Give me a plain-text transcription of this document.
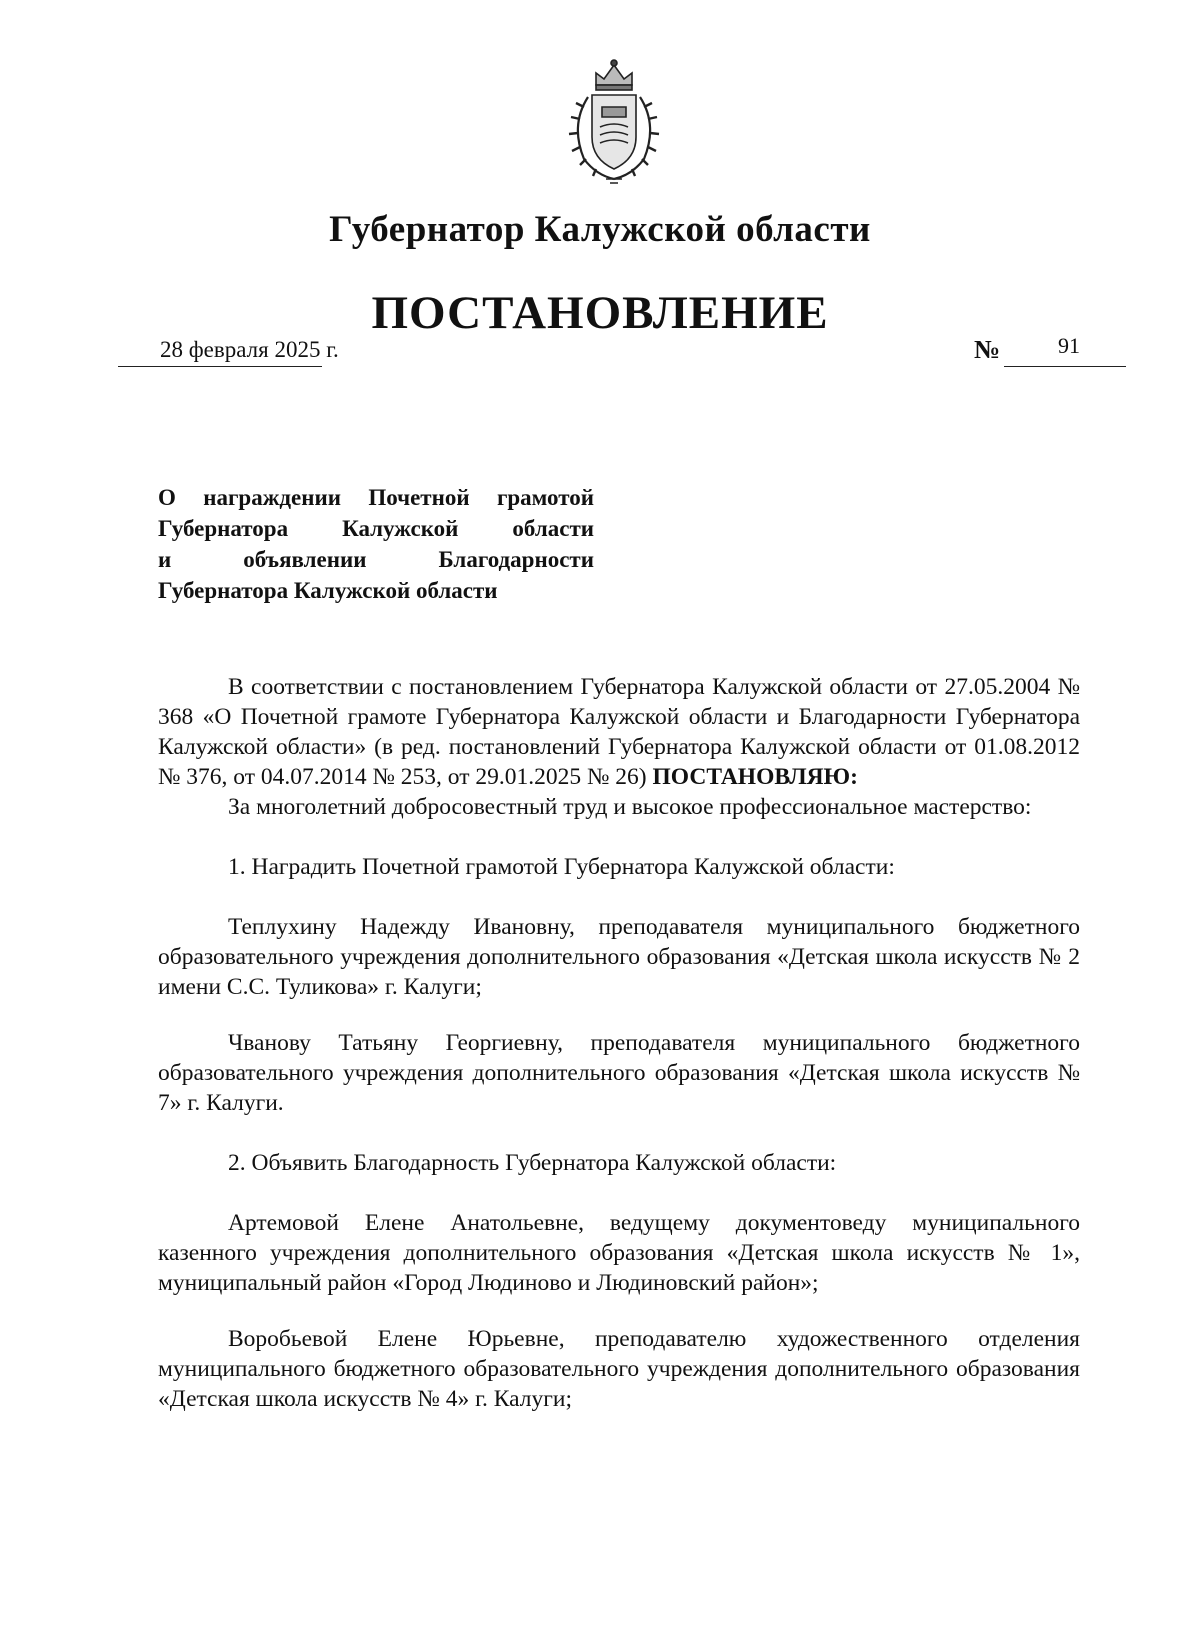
Губернатор Калужской области
ПОСТАНОВЛЕНИЕ
28 февраля 2025 г.	№	91

О награждении Почетной грамотой
Губернатора Калужской области
и объявлении Благодарности
Губернатора Калужской области

В соответствии с постановлением Губернатора Калужской области от 27.05.2004 № 368 «О Почетной грамоте Губернатора Калужской области и Благодарности Губернатора Калужской области» (в ред. постановлений Губернатора Калужской области от 01.08.2012 № 376, от 04.07.2014 № 253, от 29.01.2025 № 26) ПОСТАНОВЛЯЮ:

За многолетний добросовестный труд и высокое профессиональное мастерство:

1. Наградить Почетной грамотой Губернатора Калужской области:

Теплухину Надежду Ивановну, преподавателя муниципального бюджетного образовательного учреждения дополнительного образования «Детская школа искусств № 2 имени С.С. Туликова» г. Калуги;

Чванову Татьяну Георгиевну, преподавателя муниципального бюджетного образовательного учреждения дополнительного образования «Детская школа искусств № 7» г. Калуги.

2. Объявить Благодарность Губернатора Калужской области:

Артемовой Елене Анатольевне, ведущему документоведу муниципального казенного учреждения дополнительного образования «Детская школа искусств № 1», муниципальный район «Город Людиново и Людиновский район»;

Воробьевой Елене Юрьевне, преподавателю художественного отделения муниципального бюджетного образовательного учреждения дополнительного образования «Детская школа искусств № 4» г. Калуги;
